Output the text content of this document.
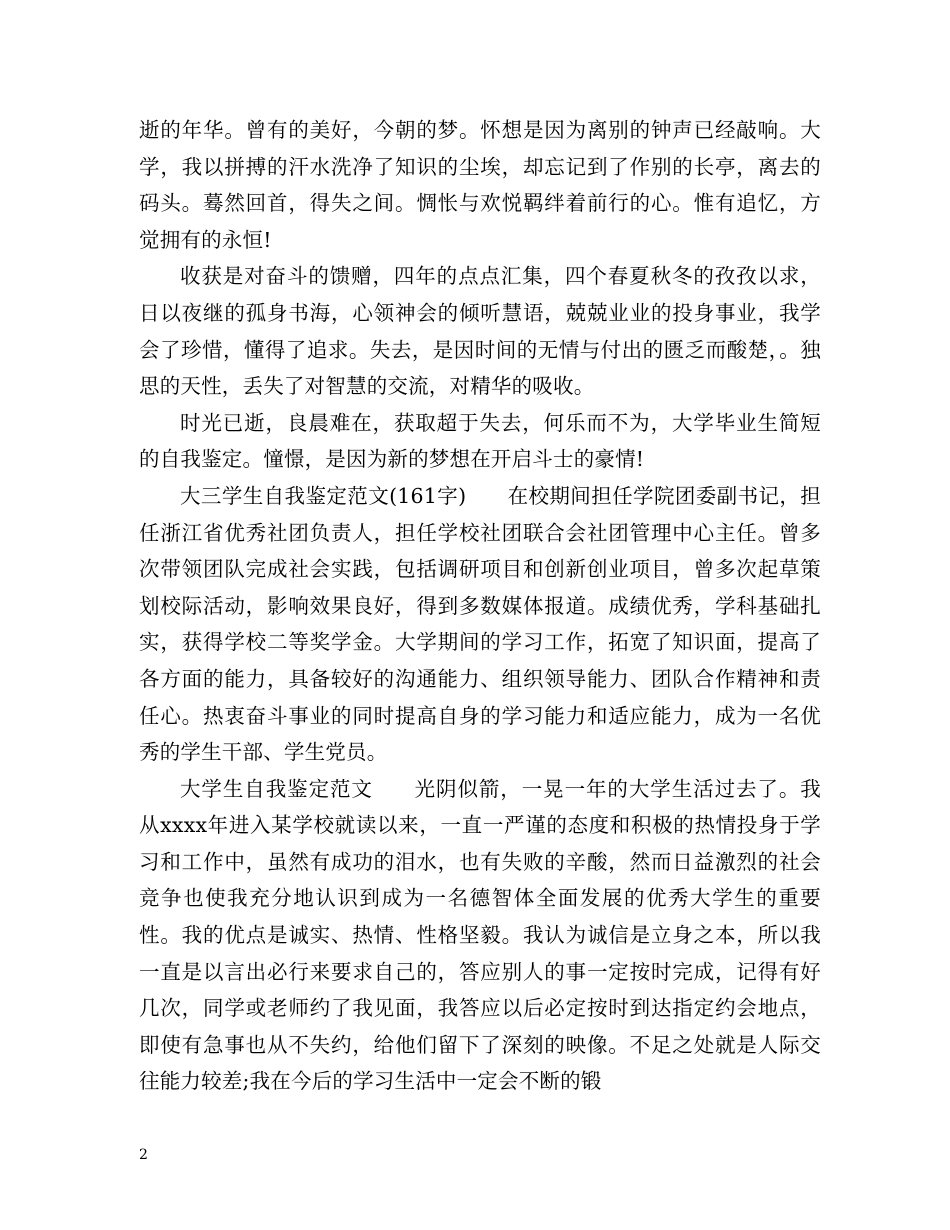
逝的年华。曾有的美好，今朝的梦。怀想是因为离别的钟声已经敲响。大学，我以拼搏的汗水洗净了知识的尘埃，却忘记到了作别的长亭，离去的码头。蓦然回首，得失之间。惆怅与欢悦羁绊着前行的心。惟有追忆，方觉拥有的永恒!

收获是对奋斗的馈赠，四年的点点汇集，四个春夏秋冬的孜孜以求，日以夜继的孤身书海，心领神会的倾听慧语，兢兢业业的投身事业，我学会了珍惜，懂得了追求。失去，是因时间的无情与付出的匮乏而酸楚，。独思的天性，丢失了对智慧的交流，对精华的吸收。

时光已逝，良晨难在，获取超于失去，何乐而不为，大学毕业生简短的自我鉴定。憧憬，是因为新的梦想在开启斗士的豪情!

大三学生自我鉴定范文(161字) 在校期间担任学院团委副书记，担任浙江省优秀社团负责人，担任学校社团联合会社团管理中心主任。曾多次带领团队完成社会实践，包括调研项目和创新创业项目，曾多次起草策划校际活动，影响效果良好，得到多数媒体报道。成绩优秀，学科基础扎实，获得学校二等奖学金。大学期间的学习工作，拓宽了知识面，提高了各方面的能力，具备较好的沟通能力、组织领导能力、团队合作精神和责任心。热衷奋斗事业的同时提高自身的学习能力和适应能力，成为一名优秀的学生干部、学生党员。

大学生自我鉴定范文 光阴似箭，一晃一年的大学生活过去了。我从xxxx年进入某学校就读以来，一直一严谨的态度和积极的热情投身于学习和工作中，虽然有成功的泪水，也有失败的辛酸，然而日益激烈的社会竞争也使我充分地认识到成为一名德智体全面发展的优秀大学生的重要性。我的优点是诚实、热情、性格坚毅。我认为诚信是立身之本，所以我一直是以言出必行来要求自己的，答应别人的事一定按时完成，记得有好几次，同学或老师约了我见面，我答应以后必定按时到达指定约会地点，即使有急事也从不失约，给他们留下了深刻的映像。不足之处就是人际交往能力较差;我在今后的学习生活中一定会不断的锻

2
